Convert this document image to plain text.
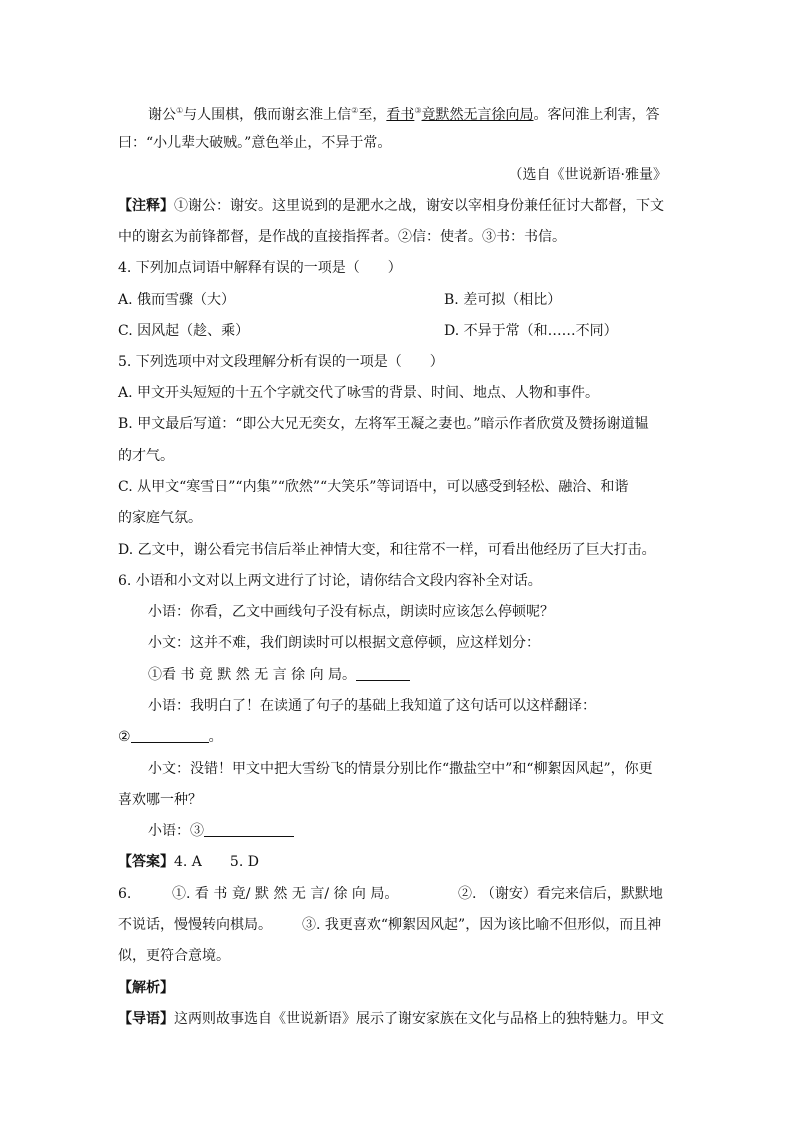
谢公①与人围棋，俄而谢玄淮上信②至，看书③竟默然无言徐向局。客问淮上利害，答
曰：“小儿辈大破贼。”意色举止，不异于常。
（选自《世说新语·雅量》
【注释】①谢公：谢安。这里说到的是淝水之战，谢安以宰相身份兼任征讨大都督，下文
中的谢玄为前锋都督，是作战的直接指挥者。②信：使者。③书：书信。
4. 下列加点词语中解释有误的一项是（　　）
A. 俄而雪骤（大）	B. 差可拟（相比）
C. 因风起（趁、乘）	D. 不异于常（和……不同）
5. 下列选项中对文段理解分析有误的一项是（　　）
A. 甲文开头短短的十五个字就交代了咏雪的背景、时间、地点、人物和事件。
B. 甲文最后写道：“即公大兄无奕女，左将军王凝之妻也。”暗示作者欣赏及赞扬谢道韫
的才气。
C. 从甲文“寒雪日”“内集”“欣然”“大笑乐”等词语中，可以感受到轻松、融洽、和谐
的家庭气氛。
D. 乙文中，谢公看完书信后举止神情大变，和往常不一样，可看出他经历了巨大打击。
6. 小语和小文对以上两文进行了讨论，请你结合文段内容补全对话。
小语：你看，乙文中画线句子没有标点，朗读时应该怎么停顿呢？
小文：这并不难，我们朗读时可以根据文意停顿，应这样划分：
①看 书 竟 默 然 无 言 徐 向 局。
小语：我明白了！在读通了句子的基础上我知道了这句话可以这样翻译：
②	。
小文：没错！甲文中把大雪纷飞的情景分别比作“撒盐空中”和“柳絮因风起”，你更
喜欢哪一种？
小语：③
【答案】4. A　　5. D
6.	①. 看 书 竟/ 默 然 无 言/ 徐 向 局。	②. （谢安）看完来信后，默默地
不说话，慢慢转向棋局。 ③. 我更喜欢“柳絮因风起”，因为该比喻不但形似，而且神
似，更符合意境。
【解析】
【导语】这两则故事选自《世说新语》展示了谢安家族在文化与品格上的独特魅力。甲文
